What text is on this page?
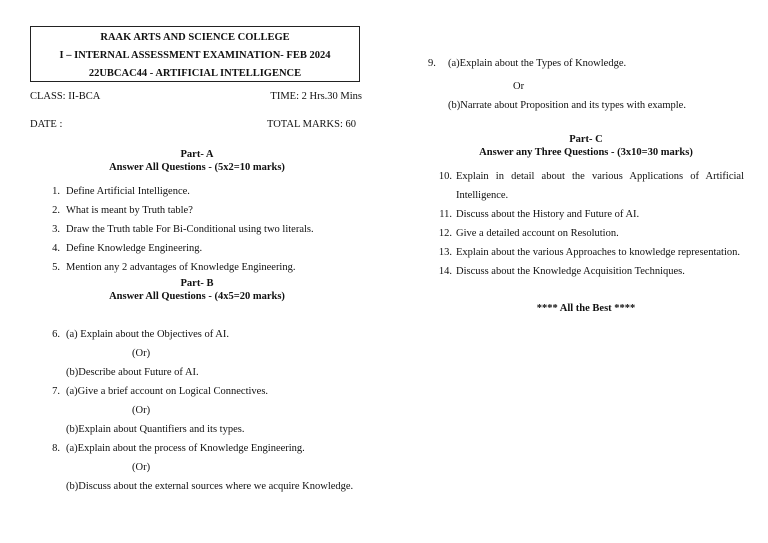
RAAK ARTS AND SCIENCE COLLEGE
I – INTERNAL ASSESSMENT EXAMINATION- FEB 2024
22UBCAC44 - ARTIFICIAL INTELLIGENCE
CLASS: II-BCA	TIME: 2 Hrs.30 Mins
DATE :	TOTAL MARKS: 60
Part- A
Answer All Questions - (5x2=10 marks)
1. Define Artificial Intelligence.
2. What is meant by Truth table?
3. Draw the Truth table For Bi-Conditional using two literals.
4. Define Knowledge Engineering.
5. Mention any 2 advantages of Knowledge Engineering.
Part- B
Answer All Questions - (4x5=20 marks)
6. (a) Explain about the Objectives of AI.
(Or)
(b)Describe about Future of AI.
7. (a)Give a brief account on Logical Connectives.
(Or)
(b)Explain about Quantifiers and its types.
8. (a)Explain about the process of Knowledge Engineering.
(Or)
(b)Discuss about the external sources where we acquire Knowledge.
9.	(a)Explain about the Types of Knowledge.
Or
(b)Narrate about Proposition and its types with example.
Part- C
Answer any Three Questions - (3x10=30 marks)
10. Explain in detail about the various Applications of Artificial Intelligence.
11. Discuss about the History and Future of AI.
12. Give a detailed account on Resolution.
13. Explain about the various Approaches to knowledge representation.
14. Discuss about the Knowledge Acquisition Techniques.
**** All the Best ****
